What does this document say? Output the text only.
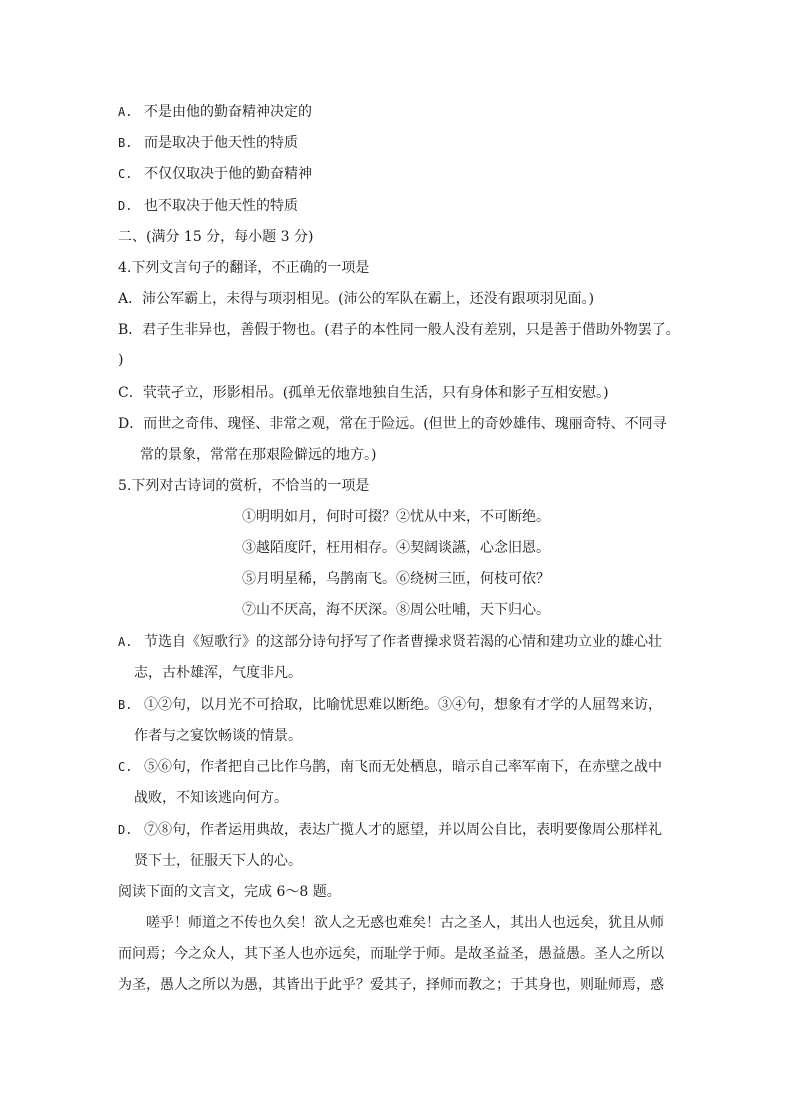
A. 不是由他的勤奋精神决定的
B. 而是取决于他天性的特质
C. 不仅仅取决于他的勤奋精神
D. 也不取决于他天性的特质
二、(满分 15 分，每小题 3 分)
4.下列文言句子的翻译，不正确的一项是
A．沛公军霸上，未得与项羽相见。(沛公的军队在霸上，还没有跟项羽见面。)
B．君子生非异也，善假于物也。(君子的本性同一般人没有差别，只是善于借助外物罢了。
)
C．茕茕孑立，形影相吊。(孤单无依靠地独自生活，只有身体和影子互相安慰。)
D．而世之奇伟、瑰怪、非常之观，常在于险远。(但世上的奇妙雄伟、瑰丽奇特、不同寻
常的景象，常常在那艰险僻远的地方。)
5.下列对古诗词的赏析，不恰当的一项是
①明明如月，何时可掇？②忧从中来，不可断绝。
③越陌度阡，枉用相存。④契阔谈讌，心念旧恩。
⑤月明星稀，乌鹊南飞。⑥绕树三匝，何枝可依？
⑦山不厌高，海不厌深。⑧周公吐哺，天下归心。
A. 节选自《短歌行》的这部分诗句抒写了作者曹操求贤若渴的心情和建功立业的雄心壮
志，古朴雄浑，气度非凡。
B. ①②句，以月光不可拾取，比喻忧思难以断绝。③④句，想象有才学的人屈驾来访，
作者与之宴饮畅谈的情景。
C. ⑤⑥句，作者把自己比作乌鹊，南飞而无处栖息，暗示自己率军南下，在赤壁之战中
战败，不知该逃向何方。
D. ⑦⑧句，作者运用典故，表达广揽人才的愿望，并以周公自比，表明要像周公那样礼
贤下士，征服天下人的心。
阅读下面的文言文，完成 6～8 题。
嗟乎！师道之不传也久矣！欲人之无惑也难矣！古之圣人，其出人也远矣，犹且从师
而问焉；今之众人，其下圣人也亦远矣，而耻学于师。是故圣益圣，愚益愚。圣人之所以
为圣，愚人之所以为愚，其皆出于此乎？爱其子，择师而教之；于其身也，则耻师焉，惑
